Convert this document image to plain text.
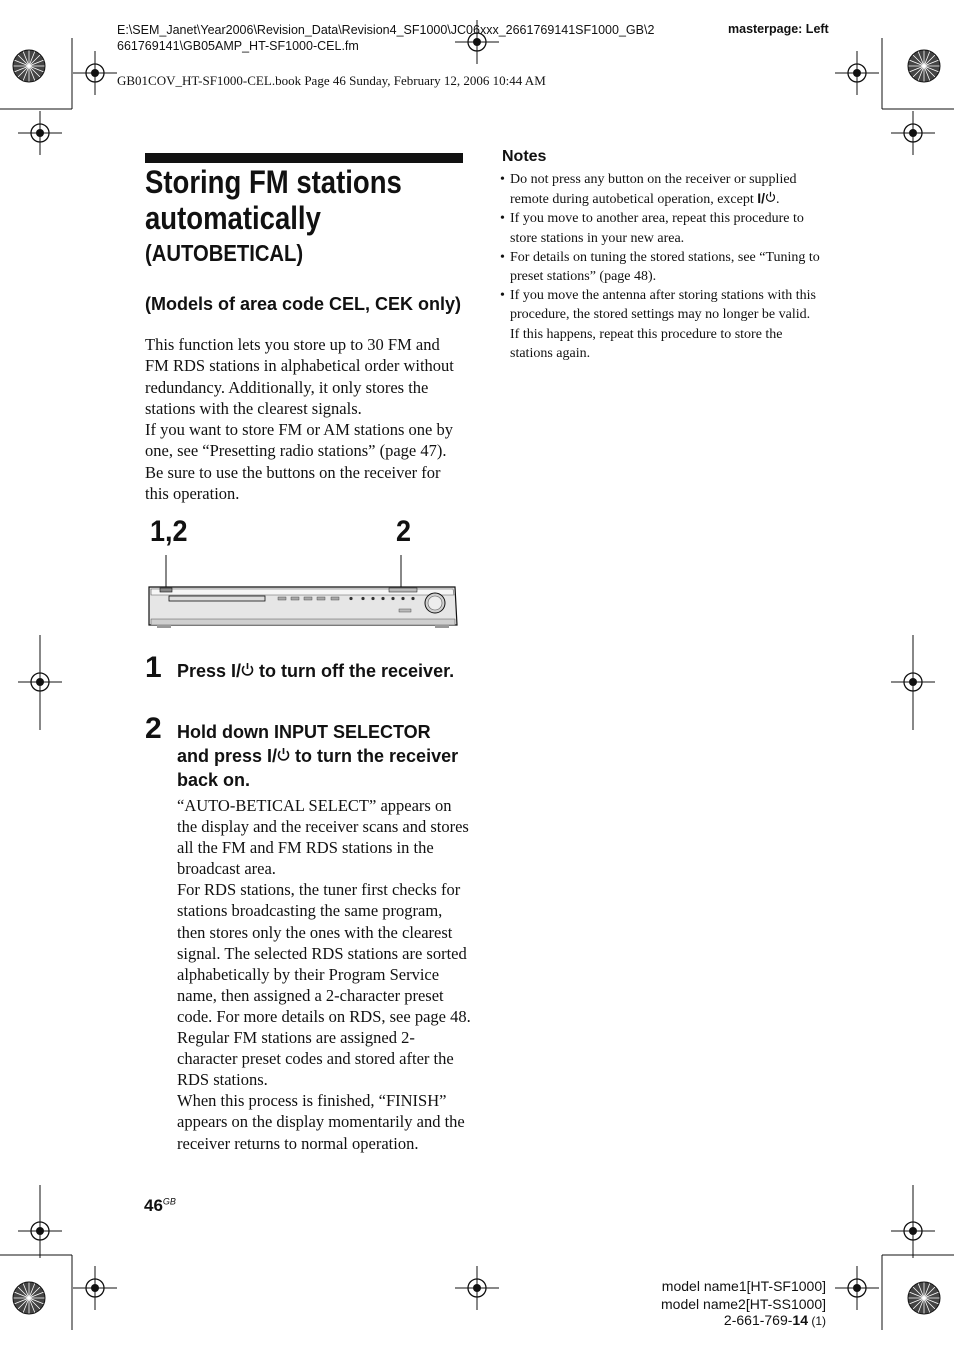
E:\SEM_Janet\Year2006\Revision_Data\Revision4_SF1000\JC06xxx_2661769141SF1000_GB\2
661769141\GB05AMP_HT-SF1000-CEL.fm
masterpage: Left
GB01COV_HT-SF1000-CEL.book Page 46 Sunday, February 12, 2006 10:44 AM
Storing FM stations
automatically
(AUTOBETICAL)
(Models of area code CEL, CEK only)

This function lets you store up to 30 FM and FM RDS stations in alphabetical order without redundancy. Additionally, it only stores the stations with the clearest signals.

If you want to store FM or AM stations one by one, see “Presetting radio stations” (page 47).

Be sure to use the buttons on the receiver for this operation.

1,2	2
1 Press I/ to turn off the receiver.
2 Hold down INPUT SELECTOR and press I/ to turn the receiver back on.

“AUTO-BETICAL SELECT” appears on the display and the receiver scans and stores all the FM and FM RDS stations in the broadcast area.

For RDS stations, the tuner first checks for stations broadcasting the same program, then stores only the ones with the clearest signal. The selected RDS stations are sorted alphabetically by their Program Service name, then assigned a 2-character preset code. For more details on RDS, see page 48.

Regular FM stations are assigned 2-character preset codes and stored after the RDS stations.

When this process is finished, “FINISH” appears on the display momentarily and the receiver returns to normal operation.

Notes
• Do not press any button on the receiver or supplied remote during autobetical operation, except I/ .
• If you move to another area, repeat this procedure to store stations in your new area.
• For details on tuning the stored stations, see “Tuning to preset stations” (page 48).
• If you move the antenna after storing stations with this procedure, the stored settings may no longer be valid. If this happens, repeat this procedure to store the stations again.
$46^{GB}$
model name1[HT-SF1000]
model name2[HT-SS1000]
2-661-769-14 (1)
